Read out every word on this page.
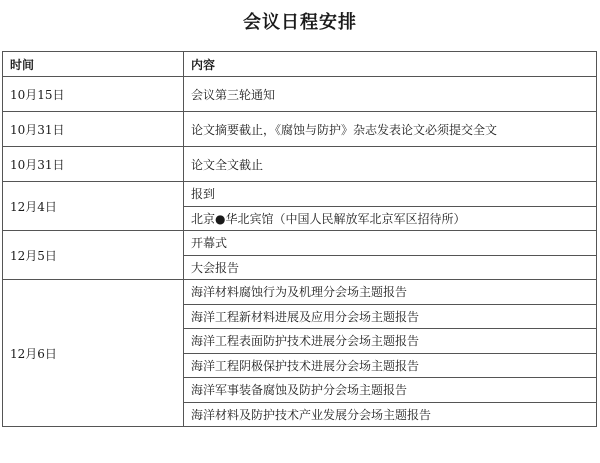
会议日程安排
时间	内容
10月15日	会议第三轮通知
10月31日	论文摘要截止，《腐蚀与防护》杂志发表论文必须提交全文
10月31日	论文全文截止
12月4日	报到
	北京●华北宾馆（中国人民解放军北京军区招待所）
12月5日	开幕式
	大会报告
12月6日	海洋材料腐蚀行为及机理分会场主题报告
	海洋工程新材料进展及应用分会场主题报告
	海洋工程表面防护技术进展分会场主题报告
	海洋工程阴极保护技术进展分会场主题报告
	海洋军事装备腐蚀及防护分会场主题报告
	海洋材料及防护技术产业发展分会场主题报告
